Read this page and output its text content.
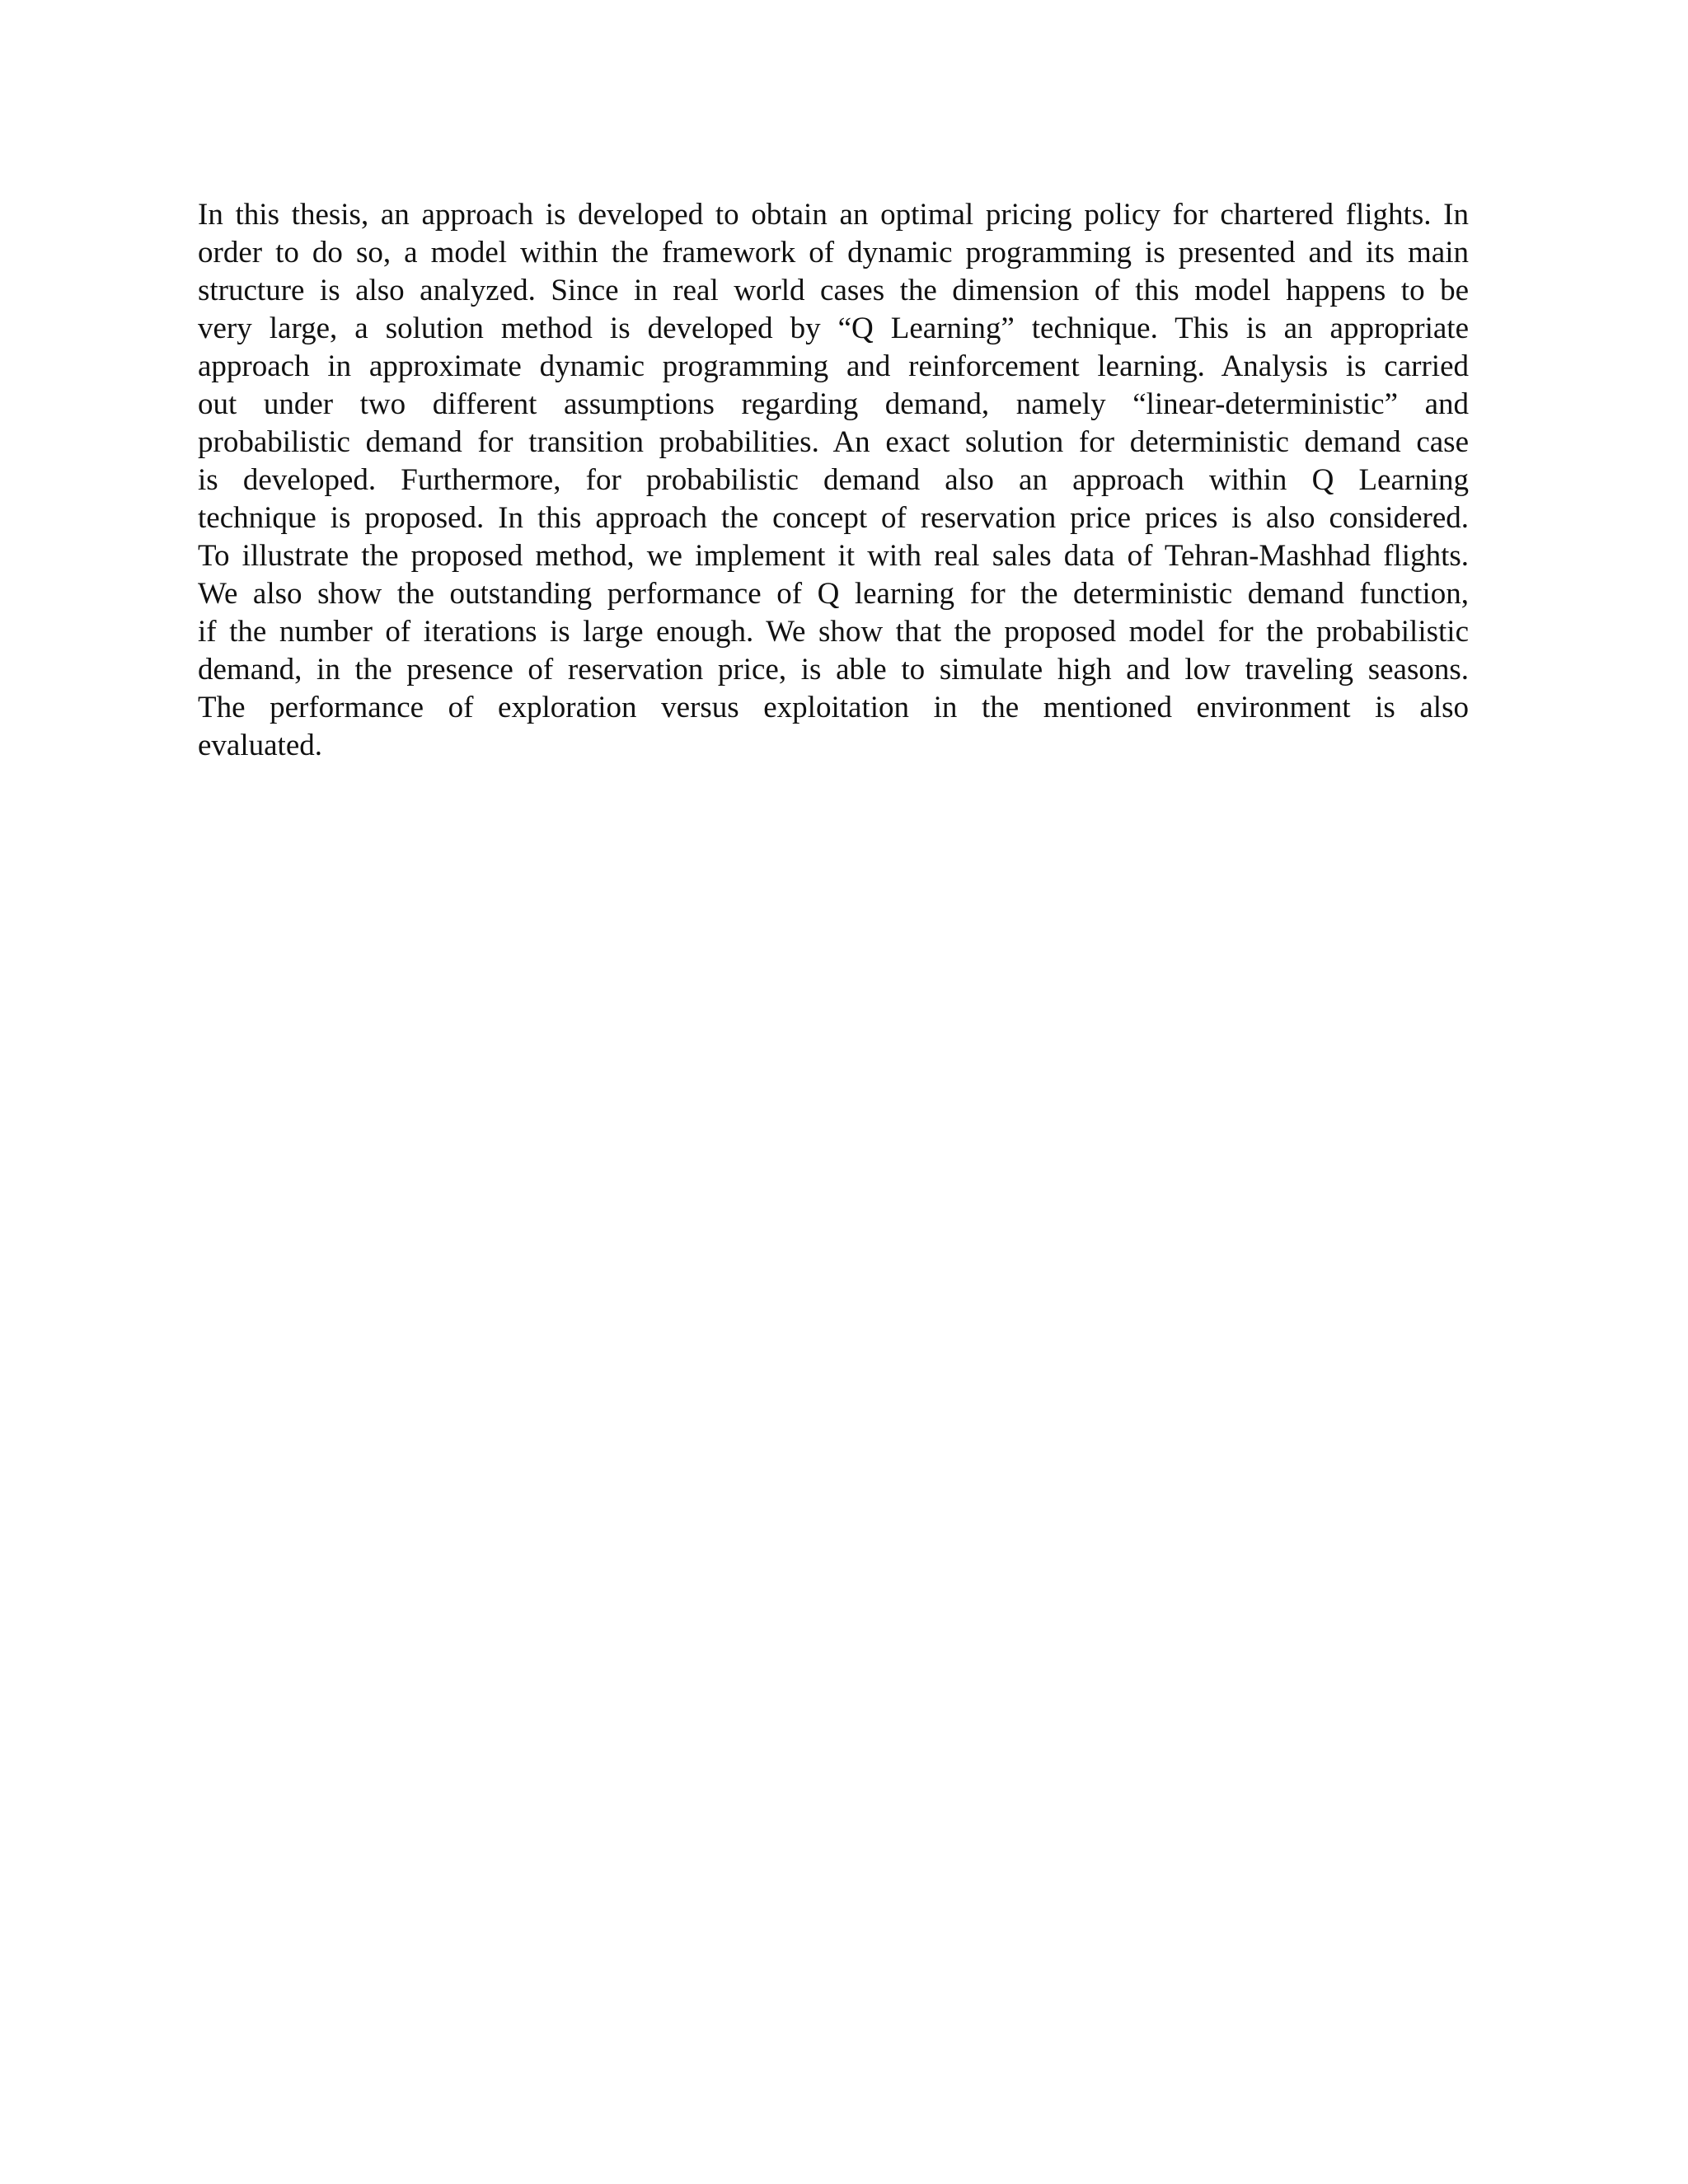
In this thesis, an approach is developed to obtain an optimal pricing policy for chartered flights. In
order to do so, a model within the framework of dynamic programming is presented and its main
structure is also analyzed. Since in real world cases the dimension of this model happens to be
very large, a solution method is developed by “Q Learning” technique. This is an appropriate
approach in approximate dynamic programming and reinforcement learning. Analysis is carried
out under two different assumptions regarding demand, namely “linear-deterministic” and
probabilistic demand for transition probabilities. An exact solution for deterministic demand case
is developed. Furthermore, for probabilistic demand also an approach within Q Learning
technique is proposed. In this approach the concept of reservation price prices is also considered.
To illustrate the proposed method, we implement it with real sales data of Tehran-Mashhad flights.
We also show the outstanding performance of Q learning for the deterministic demand function,
if the number of iterations is large enough. We show that the proposed model for the probabilistic
demand, in the presence of reservation price, is able to simulate high and low traveling seasons.
The performance of exploration versus exploitation in the mentioned environment is also
evaluated.
